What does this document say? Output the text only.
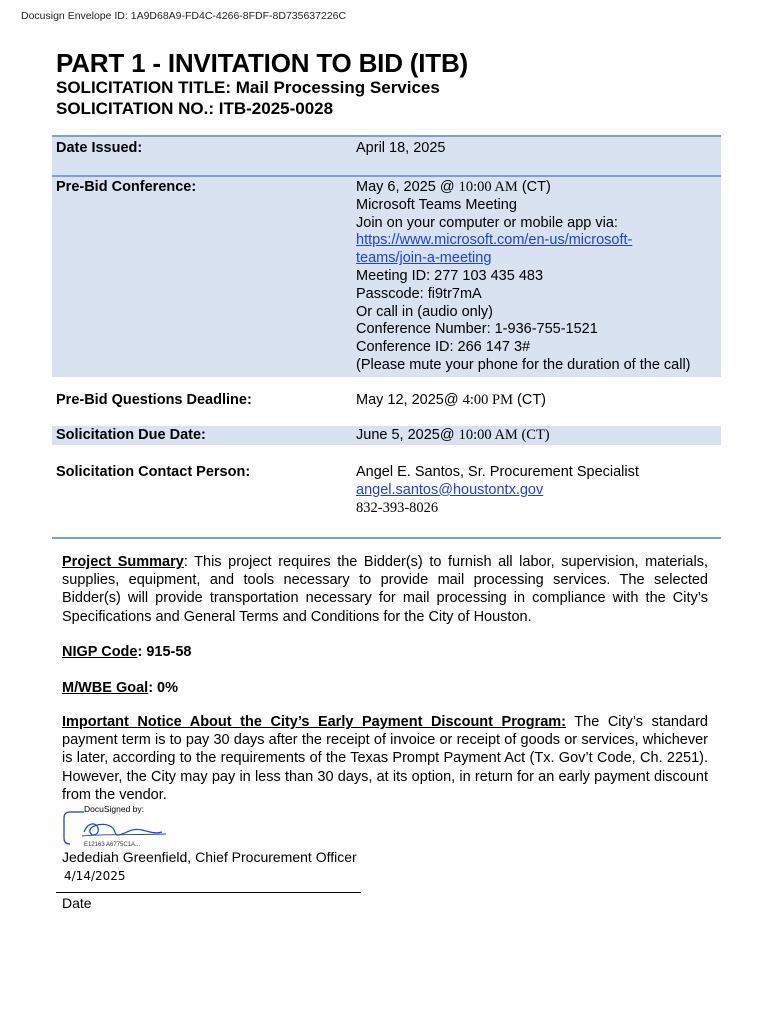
Docusign Envelope ID: 1A9D68A9-FD4C-4266-8FDF-8D735637226C
PART 1 - INVITATION TO BID (ITB)
SOLICITATION TITLE: Mail Processing Services
SOLICITATION NO.: ITB-2025-0028
Date Issued:	April 18, 2025
Pre-Bid Conference:	May 6, 2025 @ 10:00 AM (CT)
Microsoft Teams Meeting
Join on your computer or mobile app via:
https://www.microsoft.com/en-us/microsoft-
teams/join-a-meeting
Meeting ID: 277 103 435 483
Passcode: fi9tr7mA
Or call in (audio only)
Conference Number: 1-936-755-1521
Conference ID: 266 147 3#
(Please mute your phone for the duration of the call)
Pre-Bid Questions Deadline:	May 12, 2025@ 4:00 PM (CT)
Solicitation Due Date:	June 5, 2025@ 10:00 AM (CT)
Solicitation Contact Person:	Angel E. Santos, Sr. Procurement Specialist
angel.santos@houstontx.gov
832-393-8026
Project Summary: This project requires the Bidder(s) to furnish all labor, supervision, materials, supplies, equipment, and tools necessary to provide mail processing services. The selected Bidder(s) will provide transportation necessary for mail processing in compliance with the City’s Specifications and General Terms and Conditions for the City of Houston.
NIGP Code: 915-58
M/WBE Goal: 0%
Important Notice About the City’s Early Payment Discount Program: The City’s standard payment term is to pay 30 days after the receipt of invoice or receipt of goods or services, whichever is later, according to the requirements of the Texas Prompt Payment Act (Tx. Gov’t Code, Ch. 2251). However, the City may pay in less than 30 days, at its option, in return for an early payment discount from the vendor.
DocuSigned by:
E12163 A6775C1A...
Jedediah Greenfield, Chief Procurement Officer
4/14/2025
Date
